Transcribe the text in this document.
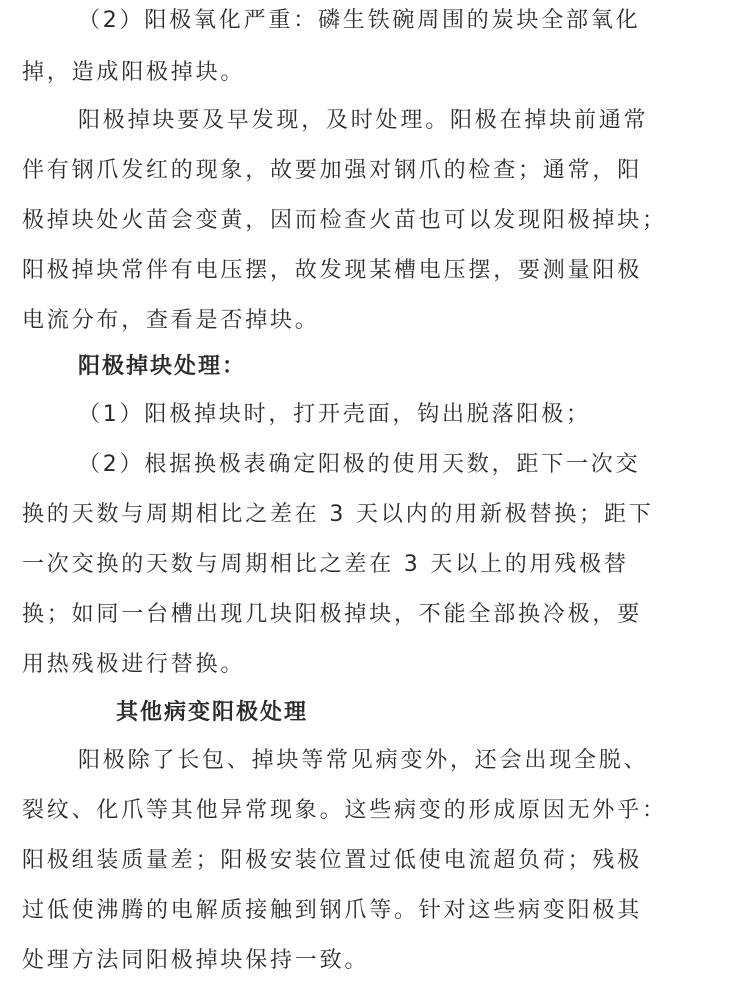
（2）阳极氧化严重：磷生铁碗周围的炭块全部氧化
掉，造成阳极掉块。
阳极掉块要及早发现，及时处理。阳极在掉块前通常
伴有钢爪发红的现象，故要加强对钢爪的检查；通常，阳
极掉块处火苗会变黄，因而检查火苗也可以发现阳极掉块；
阳极掉块常伴有电压摆，故发现某槽电压摆，要测量阳极
电流分布，查看是否掉块。
阳极掉块处理：
（1）阳极掉块时，打开壳面，钩出脱落阳极；
（2）根据换极表确定阳极的使用天数，距下一次交
换的天数与周期相比之差在 3 天以内的用新极替换；距下
一次交换的天数与周期相比之差在 3 天以上的用残极替
换；如同一台槽出现几块阳极掉块，不能全部换冷极，要
用热残极进行替换。
其他病变阳极处理
阳极除了长包、掉块等常见病变外，还会出现全脱、
裂纹、化爪等其他异常现象。这些病变的形成原因无外乎：
阳极组装质量差；阳极安装位置过低使电流超负荷；残极
过低使沸腾的电解质接触到钢爪等。针对这些病变阳极其
处理方法同阳极掉块保持一致。
